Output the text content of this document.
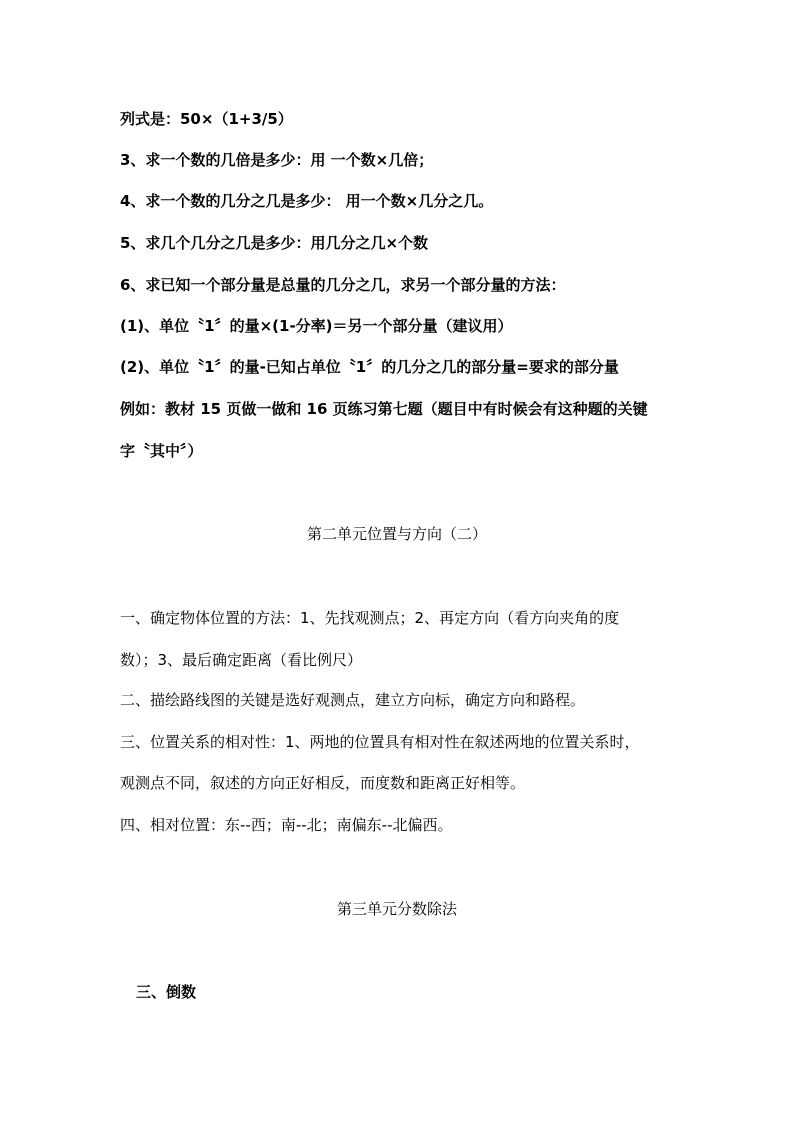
列式是：50×（1+3/5）
3、求一个数的几倍是多少：用 一个数×几倍；
4、求一个数的几分之几是多少： 用一个数×几分之几。
5、求几个几分之几是多少：用几分之几×个数
6、求已知一个部分量是总量的几分之几，求另一个部分量的方法：
(1)、单位〝1〞的量×(1-分率)＝另一个部分量（建议用）
(2)、单位〝1〞的量-已知占单位〝1〞的几分之几的部分量=要求的部分量
例如：教材 15 页做一做和 16 页练习第七题（题目中有时候会有这种题的关键
字〝其中〞）
第二单元位置与方向（二）
一、确定物体位置的方法：1、先找观测点；2、再定方向（看方向夹角的度
数）；3、最后确定距离（看比例尺）
二、描绘路线图的关键是选好观测点，建立方向标，确定方向和路程。
三、位置关系的相对性：1、两地的位置具有相对性在叙述两地的位置关系时，
观测点不同，叙述的方向正好相反，而度数和距离正好相等。
四、相对位置：东--西；南--北；南偏东--北偏西。
第三单元分数除法
三、倒数
